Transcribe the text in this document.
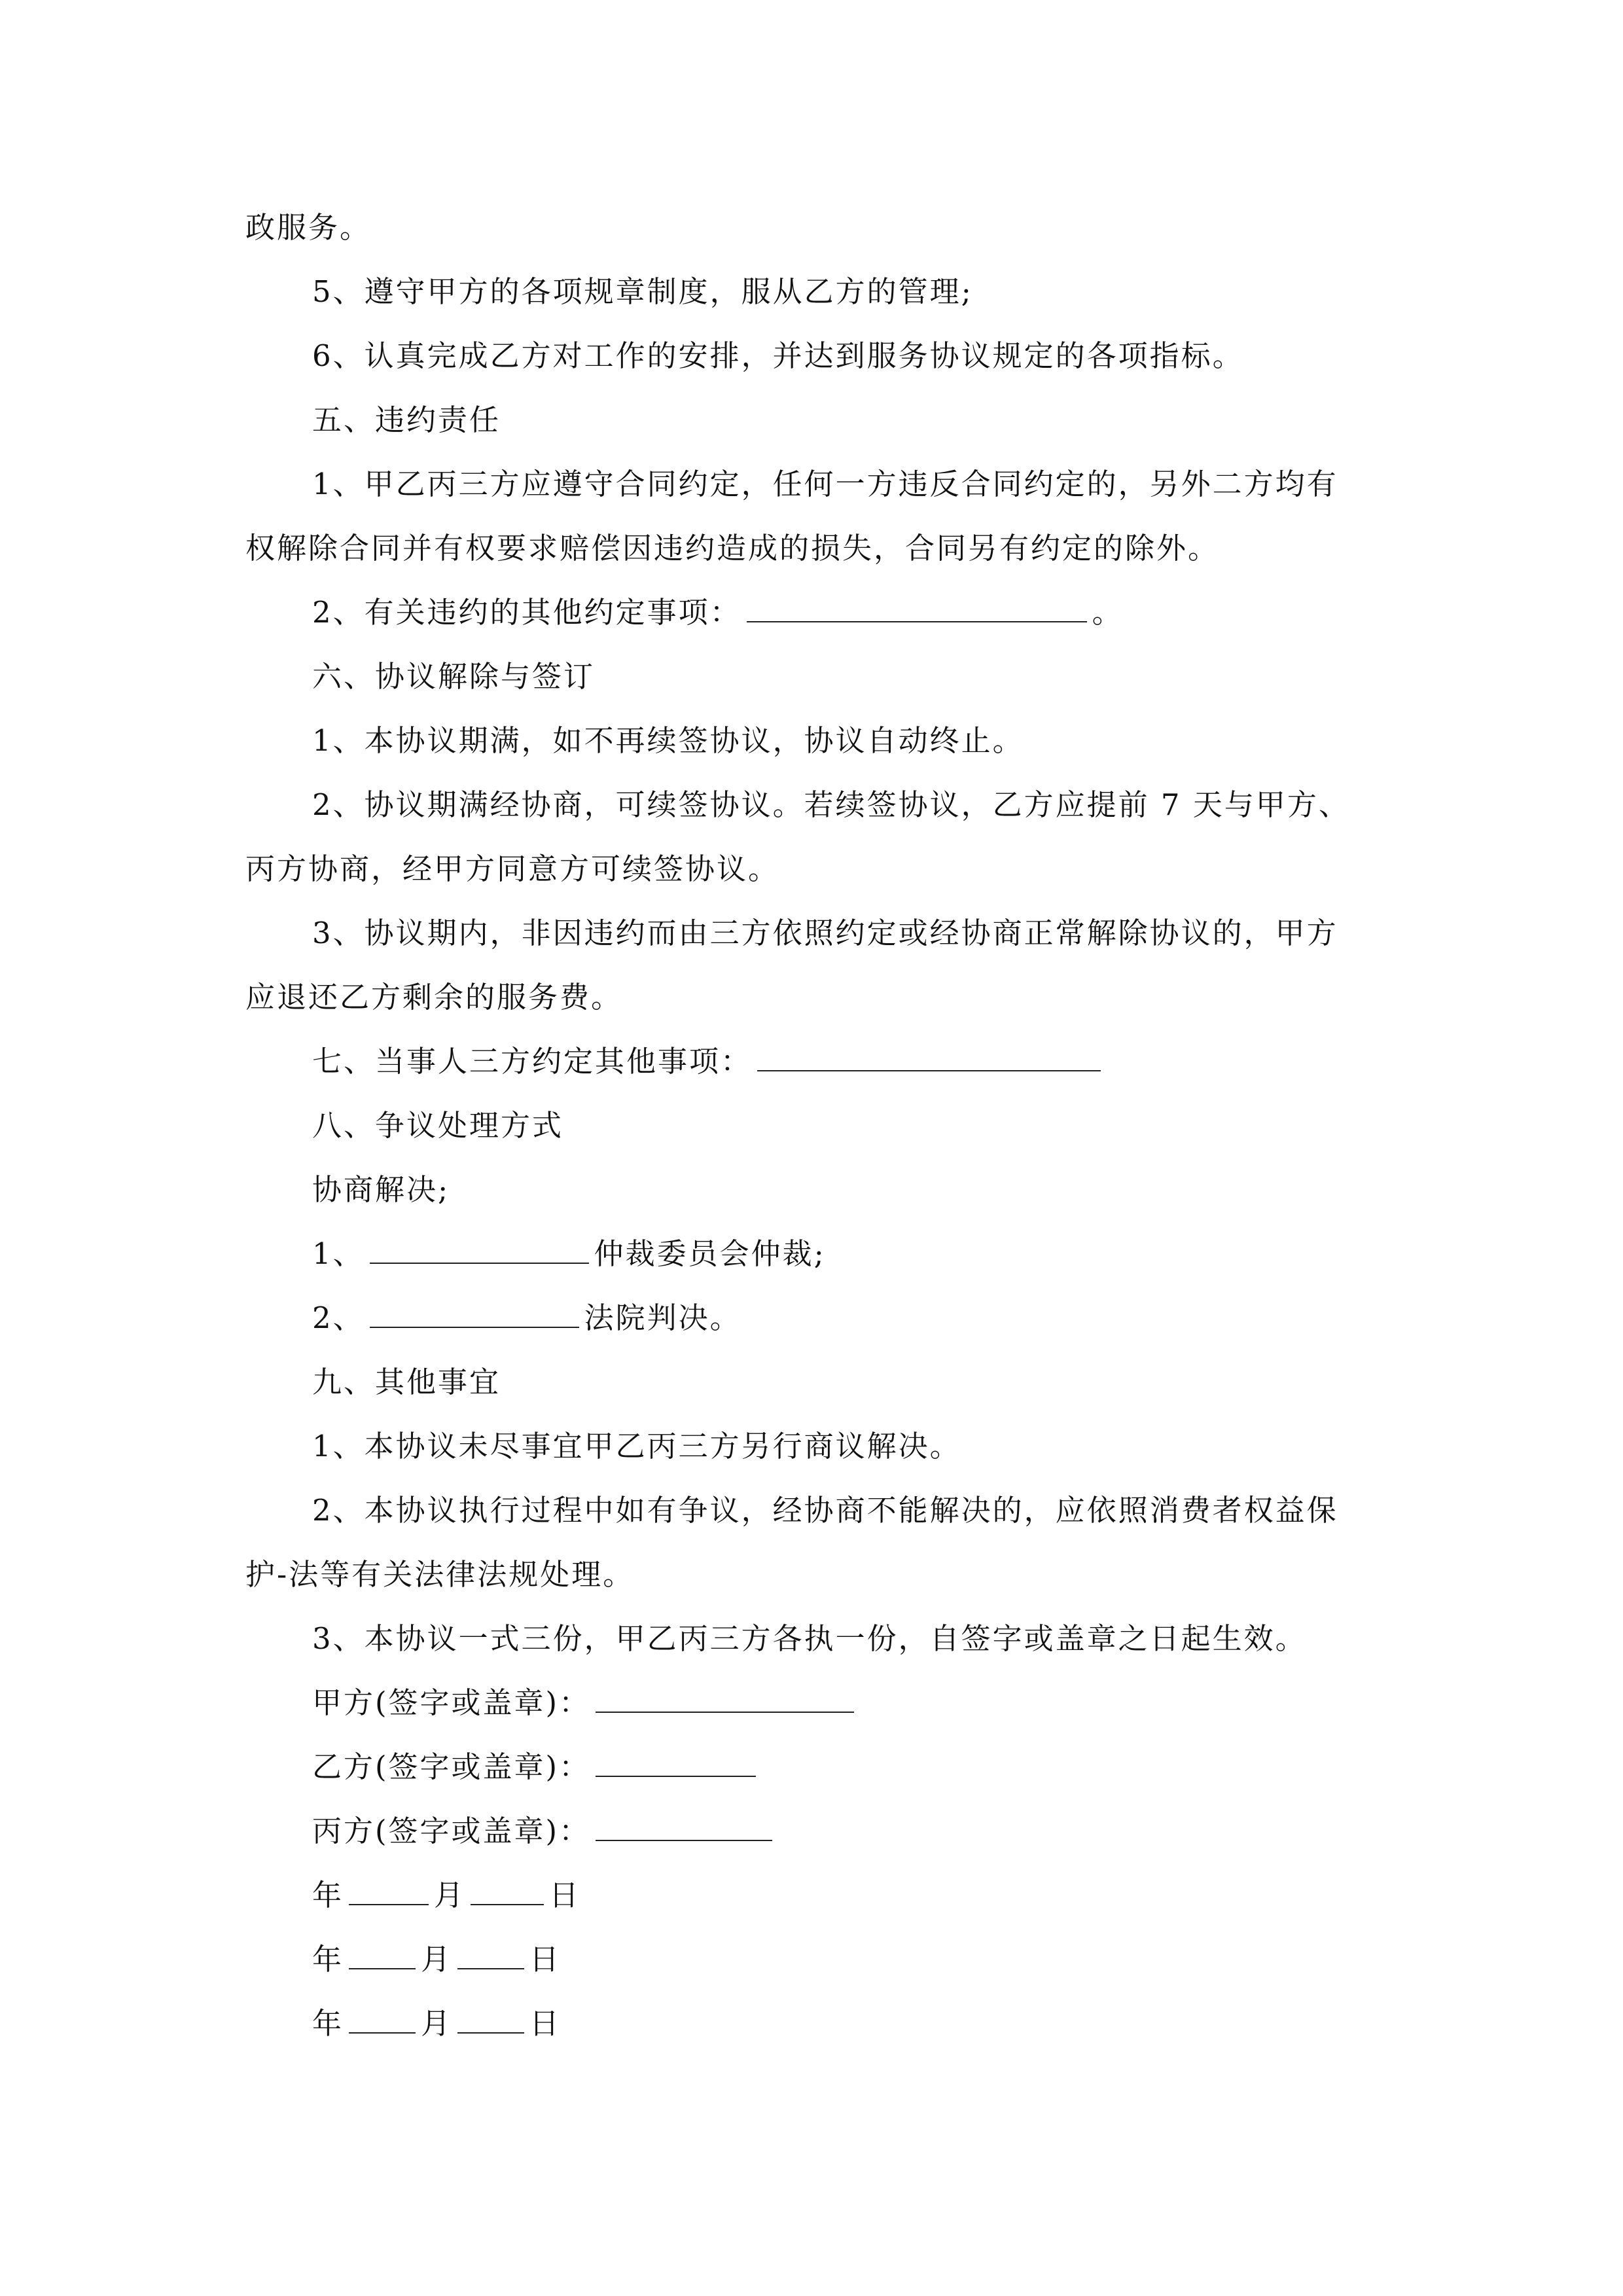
政服务。
5、遵守甲方的各项规章制度，服从乙方的管理;
6、认真完成乙方对工作的安排，并达到服务协议规定的各项指标。
五、违约责任
1、甲乙丙三方应遵守合同约定，任何一方违反合同约定的，另外二方均有
权解除合同并有权要求赔偿因违约造成的损失，合同另有约定的除外。
2、有关违约的其他约定事项：	。
六、协议解除与签订
1、本协议期满，如不再续签协议，协议自动终止。
2、协议期满经协商，可续签协议。若续签协议，乙方应提前 7 天与甲方、
丙方协商，经甲方同意方可续签协议。
3、协议期内，非因违约而由三方依照约定或经协商正常解除协议的，甲方
应退还乙方剩余的服务费。
七、当事人三方约定其他事项：
八、争议处理方式
协商解决;
1、	仲裁委员会仲裁;
2、	法院判决。
九、其他事宜
1、本协议未尽事宜甲乙丙三方另行商议解决。
2、本协议执行过程中如有争议，经协商不能解决的，应依照消费者权益保
护-法等有关法律法规处理。
3、本协议一式三份，甲乙丙三方各执一份，自签字或盖章之日起生效。
甲方(签字或盖章)：
乙方(签字或盖章)：
丙方(签字或盖章)：
年	月	日
年	月	日
年	月	日
